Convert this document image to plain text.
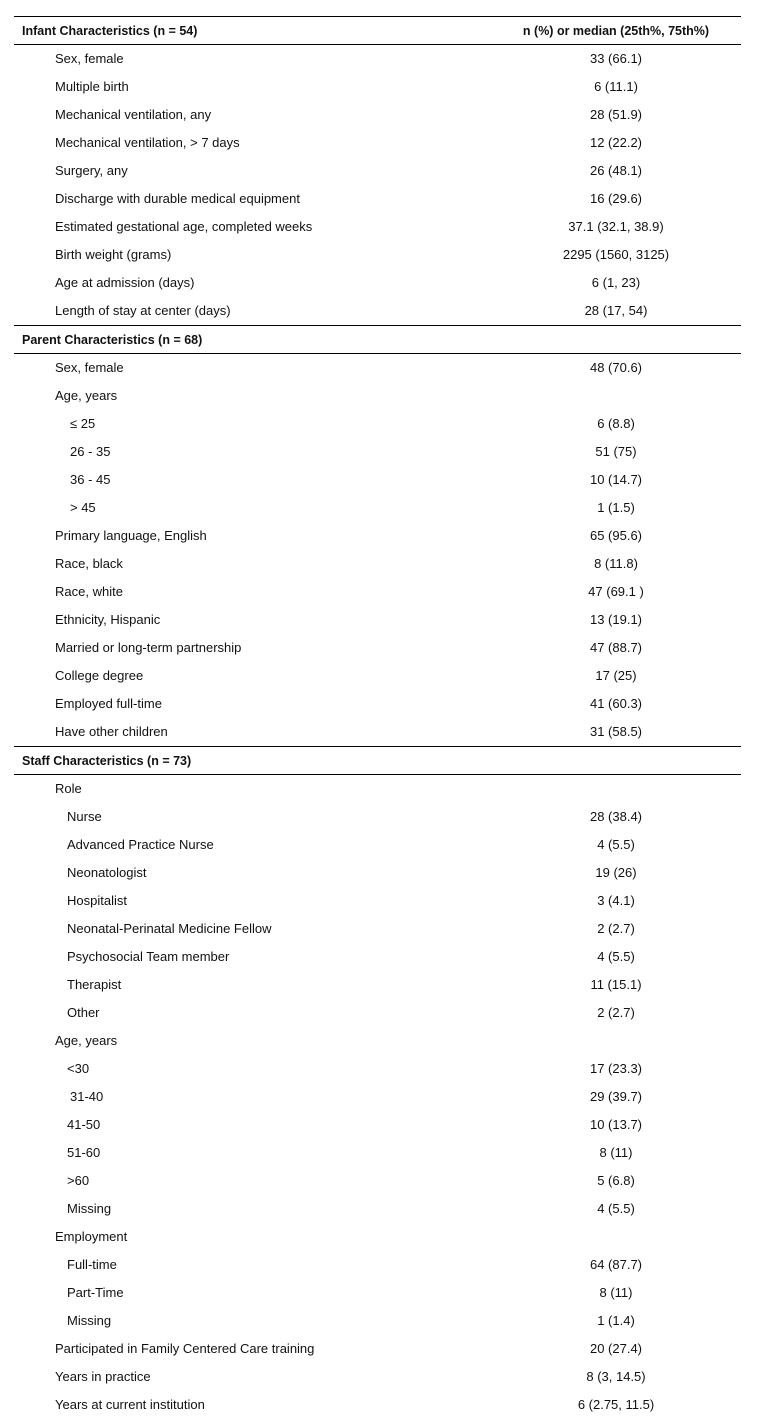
Infant Characteristics (n = 54)	n (%) or median (25th%, 75th%)
Sex, female	33 (66.1)
Multiple birth	6 (11.1)
Mechanical ventilation, any	28 (51.9)
Mechanical ventilation, > 7 days	12 (22.2)
Surgery, any	26 (48.1)
Discharge with durable medical equipment	16 (29.6)
Estimated gestational age, completed weeks	37.1 (32.1, 38.9)
Birth weight (grams)	2295 (1560, 3125)
Age at admission (days)	6 (1, 23)
Length of stay at center (days)	28 (17, 54)
Parent Characteristics (n = 68)
Sex, female	48 (70.6)
Age, years
≤ 25	6 (8.8)
26 - 35	51 (75)
36 - 45	10 (14.7)
> 45	1 (1.5)
Primary language, English	65 (95.6)
Race, black	8 (11.8)
Race, white	47 (69.1 )
Ethnicity, Hispanic	13 (19.1)
Married or long-term partnership	47 (88.7)
College degree	17 (25)
Employed full-time	41 (60.3)
Have other children	31 (58.5)
Staff Characteristics (n = 73)
Role
Nurse	28 (38.4)
Advanced Practice Nurse	4 (5.5)
Neonatologist	19 (26)
Hospitalist	3 (4.1)
Neonatal-Perinatal Medicine Fellow	2 (2.7)
Psychosocial Team member	4 (5.5)
Therapist	11 (15.1)
Other	2 (2.7)
Age, years
<30	17 (23.3)
31-40	29 (39.7)
41-50	10 (13.7)
51-60	8 (11)
>60	5 (6.8)
Missing	4 (5.5)
Employment
Full-time	64 (87.7)
Part-Time	8 (11)
Missing	1 (1.4)
Participated in Family Centered Care training	20 (27.4)
Years in practice	8 (3, 14.5)
Years at current institution	6 (2.75, 11.5)
